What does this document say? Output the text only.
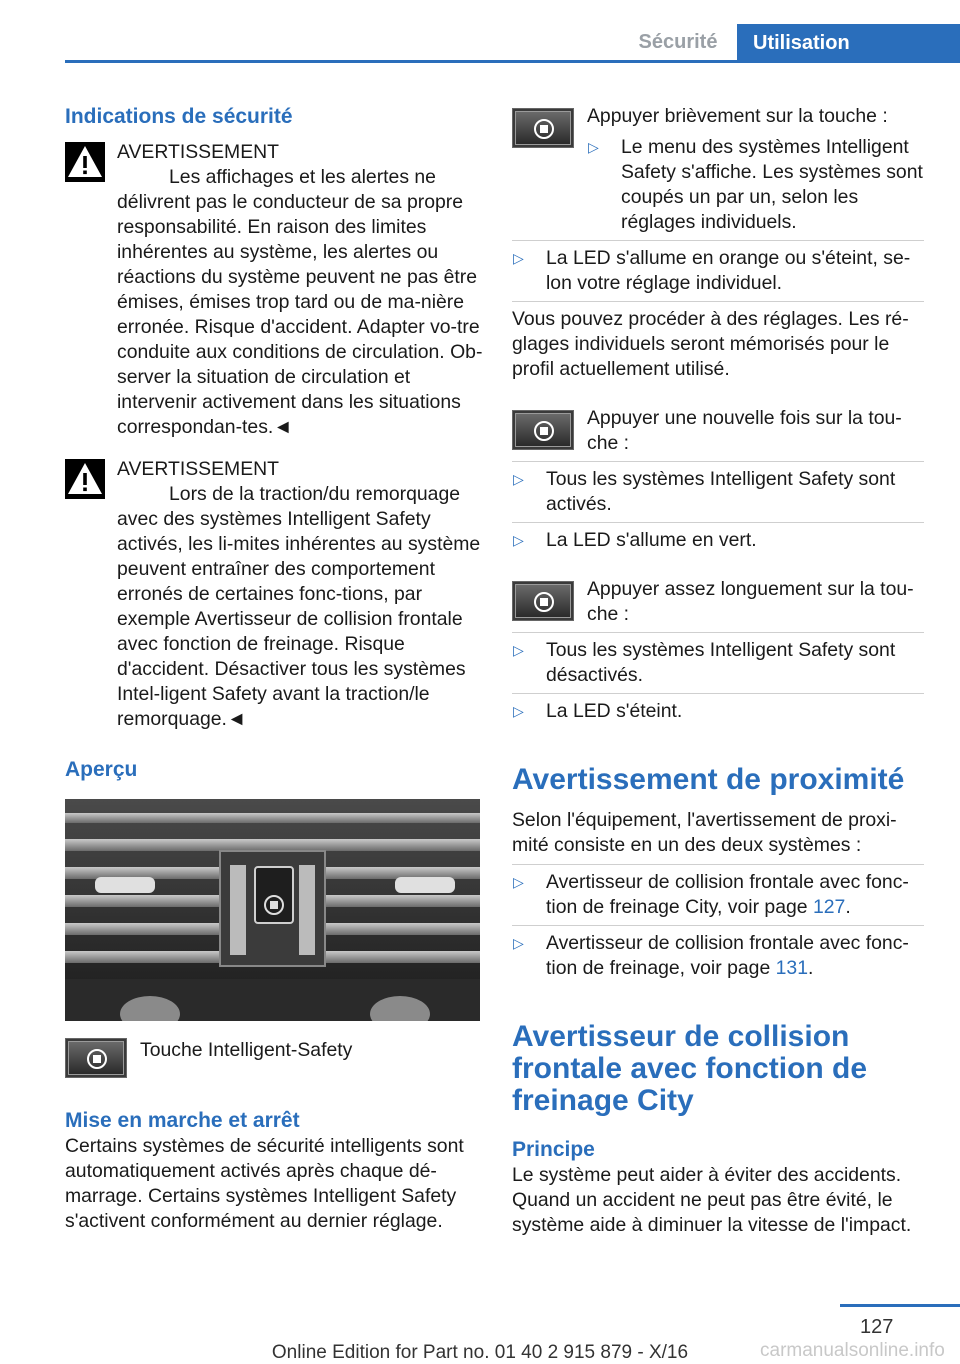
Sécurité	Utilisation

Indications de sécurité

AVERTISSEMENT

Les affichages et les alertes ne délivrent pas le conducteur de sa propre responsabilité. En raison des limites inhérentes au système, les alertes ou réactions du système peuvent ne pas être émises, émises trop tard ou de ma-nière erronée. Risque d'accident. Adapter vo-tre conduite aux conditions de circulation. Ob-server la situation de circulation et intervenir activement dans les situations correspondan-tes.◄

AVERTISSEMENT

Lors de la traction/du remorquage avec des systèmes Intelligent Safety activés, les li-mites inhérentes au système peuvent entraîner des comportement erronés de certaines fonc-tions, par exemple Avertisseur de collision frontale avec fonction de freinage. Risque d'accident. Désactiver tous les systèmes Intel-ligent Safety avant la traction/le remorquage.◄

Aperçu

Touche Intelligent-Safety

Mise en marche et arrêt

Certains systèmes de sécurité intelligents sont automatiquement activés après chaque dé-marrage. Certains systèmes Intelligent Safety s'activent conformément au dernier réglage.

Appuyer brièvement sur la touche :

▷ Le menu des systèmes Intelligent Safety s'affiche. Les systèmes sont coupés un par un, selon les réglages individuels.
▷ La LED s'allume en orange ou s'éteint, se-lon votre réglage individuel.

Vous pouvez procéder à des réglages. Les ré-glages individuels seront mémorisés pour le profil actuellement utilisé.

Appuyer une nouvelle fois sur la tou-che :

▷ Tous les systèmes Intelligent Safety sont activés.
▷ La LED s'allume en vert.

Appuyer assez longuement sur la tou-che :

▷ Tous les systèmes Intelligent Safety sont désactivés.
▷ La LED s'éteint.

Avertissement de proximité

Selon l'équipement, l'avertissement de proxi-mité consiste en un des deux systèmes :

▷ Avertisseur de collision frontale avec fonc-tion de freinage City, voir page 127.
▷ Avertisseur de collision frontale avec fonc-tion de freinage, voir page 131.

Avertisseur de collision frontale avec fonction de freinage City

Principe

Le système peut aider à éviter des accidents. Quand un accident ne peut pas être évité, le système aide à diminuer la vitesse de l'impact.

127
Online Edition for Part no. 01 40 2 915 879 - X/16	carmanualsonline.info
